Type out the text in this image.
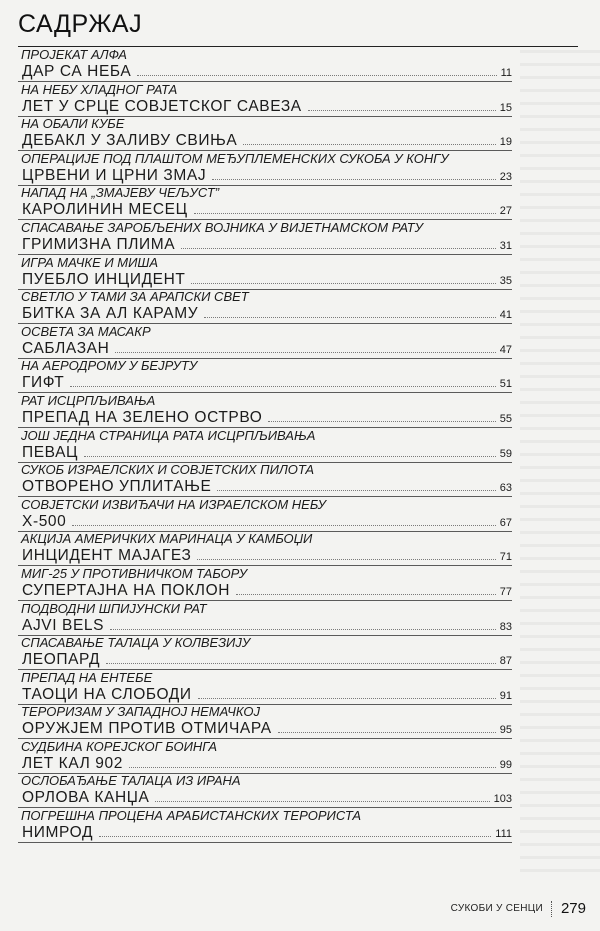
САДРЖАЈ
ПРОЈЕКАТ АЛФА
ДАР СА НЕБА	11
НА НЕБУ ХЛАДНОГ РАТА
ЛЕТ У СРЦЕ СОВЈЕТСКОГ САВЕЗА	15
НА ОБАЛИ КУБЕ
ДЕБАКЛ У ЗАЛИВУ СВИЊА	19
ОПЕРАЦИЈЕ ПОД ПЛАШТОМ МЕЂУПЛЕМЕНСКИХ СУКОБА У КОНГУ
ЦРВЕНИ И ЦРНИ ЗМАЈ	23
НАПАД НА „ЗМАЈЕВУ ЧЕЉУСТ”
КАРОЛИНИН МЕСЕЦ	27
СПАСАВАЊЕ ЗАРОБЉЕНИХ ВОЈНИКА У ВИЈЕТНАМСКОМ РАТУ
ГРИМИЗНА ПЛИМА	31
ИГРА МАЧКЕ И МИША
ПУЕБЛО ИНЦИДЕНТ	35
СВЕТЛО У ТАМИ ЗА АРАПСКИ СВЕТ
БИТКА ЗА АЛ КАРАМУ	41
ОСВЕТА ЗА МАСАКР
САБЛАЗАН	47
НА АЕРОДРОМУ У БЕЈРУТУ
ГИФТ	51
РАТ ИСЦРПЉИВАЊА
ПРЕПАД НА ЗЕЛЕНО ОСТРВО	55
ЈОШ ЈЕДНА СТРАНИЦА РАТА ИСЦРПЉИВАЊА
ПЕВАЦ	59
СУКОБ ИЗРАЕЛСКИХ И СОВЈЕТСКИХ ПИЛОТА
ОТВОРЕНО УПЛИТАЊЕ	63
СОВЈЕТСКИ ИЗВИЂАЧИ НА ИЗРАЕЛСКОМ НЕБУ
Х-500	67
АКЦИЈА АМЕРИЧКИХ МАРИНАЦА У КАМБОЏИ
ИНЦИДЕНТ МАЈАГЕЗ	71
МИГ-25 У ПРОТИВНИЧКОМ ТАБОРУ
СУПЕРТАЈНА НА ПОКЛОН	77
ПОДВОДНИ ШПИЈУНСКИ РАТ
AJVI BELS	83
СПАСАВАЊЕ ТАЛАЦА У КОЛВЕЗИЈУ
ЛЕОПАРД	87
ПРЕПАД НА ЕНТЕБЕ
ТАОЦИ НА СЛОБОДИ	91
ТЕРОРИЗАМ У ЗАПАДНОЈ НЕМАЧКОЈ
ОРУЖЈЕМ ПРОТИВ ОТМИЧАРА	95
СУДБИНА КОРЕЈСКОГ БОИНГА
ЛЕТ КАЛ 902	99
ОСЛОБАЂАЊЕ ТАЛАЦА ИЗ ИРАНА
ОРЛОВА КАНЏА	103
ПОГРЕШНА ПРОЦЕНА АРАБИСТАНСКИХ ТЕРОРИСТА
НИМРОД	111
СУКОБИ У СЕНЦИ 279
